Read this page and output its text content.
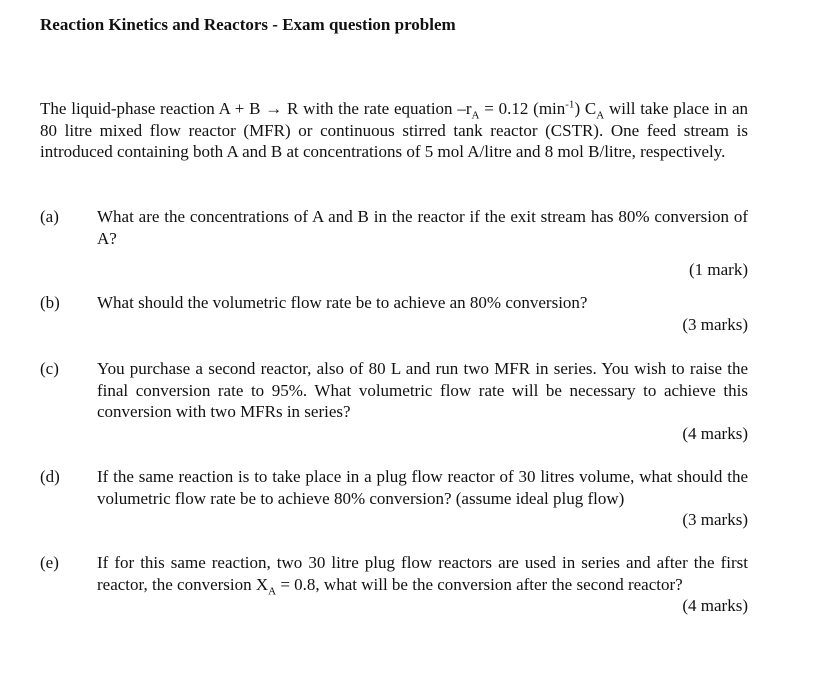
Reaction Kinetics and Reactors - Exam question problem
The liquid-phase reaction A + B → R with the rate equation $-r_A = 0.12$ $(\min^{-1})$ $C_A$ will take place in an 80 litre mixed flow reactor (MFR) or continuous stirred tank reactor (CSTR). One feed stream is introduced containing both A and B at concentrations of 5 mol A/litre and 8 mol B/litre, respectively.
(a) What are the concentrations of A and B in the reactor if the exit stream has 80% conversion of A?
(1 mark)
(b) What should the volumetric flow rate be to achieve an 80% conversion?
(3 marks)
(c) You purchase a second reactor, also of 80 L and run two MFR in series. You wish to raise the final conversion rate to 95%. What volumetric flow rate will be necessary to achieve this conversion with two MFRs in series?
(4 marks)
(d) If the same reaction is to take place in a plug flow reactor of 30 litres volume, what should the volumetric flow rate be to achieve 80% conversion? (assume ideal plug flow)
(3 marks)
(e) If for this same reaction, two 30 litre plug flow reactors are used in series and after the first reactor, the conversion $X_A = 0.8$, what will be the conversion after the second reactor?
(4 marks)
